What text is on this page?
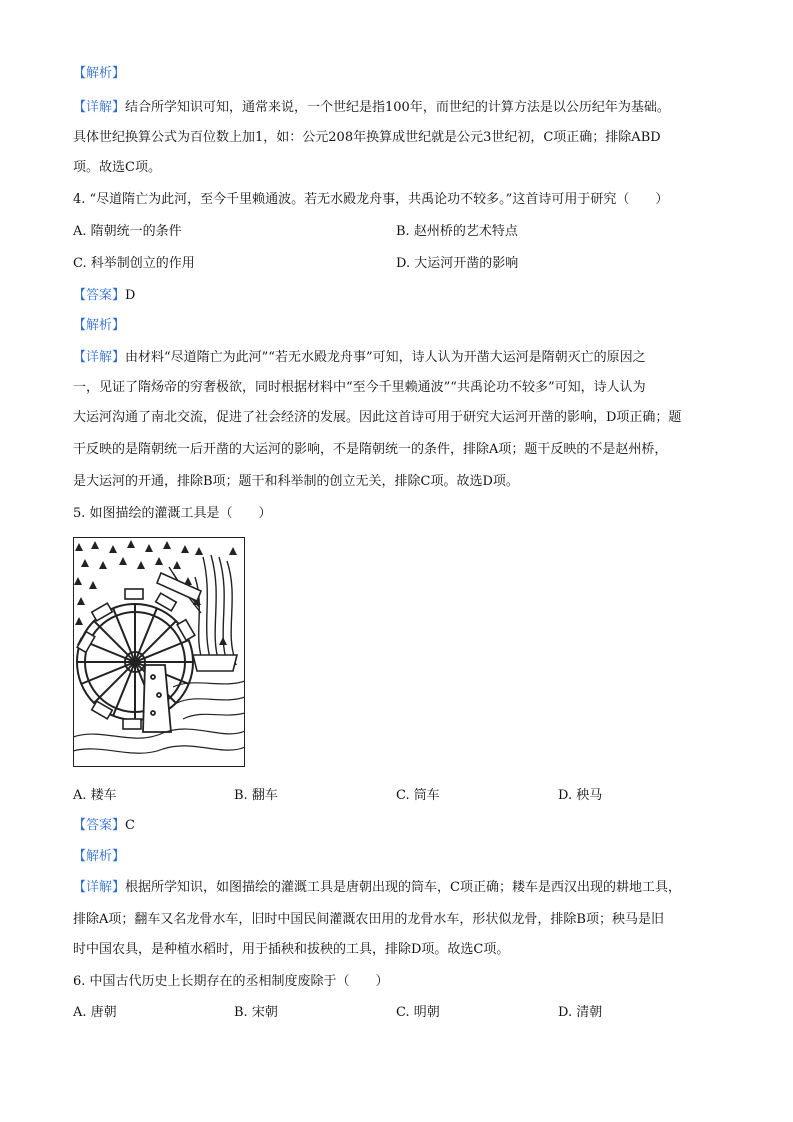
【解析】
【详解】结合所学知识可知，通常来说，一个世纪是指100年，而世纪的计算方法是以公历纪年为基础。
具体世纪换算公式为百位数上加1，如：公元208年换算成世纪就是公元3世纪初，C项正确；排除ABD
项。故选C项。
4. “尽道隋亡为此河，至今千里赖通波。若无水殿龙舟事，共禹论功不较多。”这首诗可用于研究（　　）
A. 隋朝统一的条件	B. 赵州桥的艺术特点
C. 科举制创立的作用	D. 大运河开凿的影响
【答案】D
【解析】
【详解】由材料“尽道隋亡为此河”“若无水殿龙舟事”可知，诗人认为开凿大运河是隋朝灭亡的原因之
一，见证了隋炀帝的穷奢极欲，同时根据材料中“至今千里赖通波”“共禹论功不较多”可知，诗人认为
大运河沟通了南北交流，促进了社会经济的发展。因此这首诗可用于研究大运河开凿的影响，D项正确；题
干反映的是隋朝统一后开凿的大运河的影响，不是隋朝统一的条件，排除A项；题干反映的不是赵州桥，
是大运河的开通，排除B项；题干和科举制的创立无关，排除C项。故选D项。
5. 如图描绘的灌溉工具是（　　）
A. 耧车	B. 翻车	C. 筒车	D. 秧马
【答案】C
【解析】
【详解】根据所学知识，如图描绘的灌溉工具是唐朝出现的筒车，C项正确；耧车是西汉出现的耕地工具，
排除A项；翻车又名龙骨水车，旧时中国民间灌溉农田用的龙骨水车，形状似龙骨，排除B项；秧马是旧
时中国农具，是种植水稻时，用于插秧和拔秧的工具，排除D项。故选C项。
6. 中国古代历史上长期存在的丞相制度废除于（　　）
A. 唐朝	B. 宋朝	C. 明朝	D. 清朝
